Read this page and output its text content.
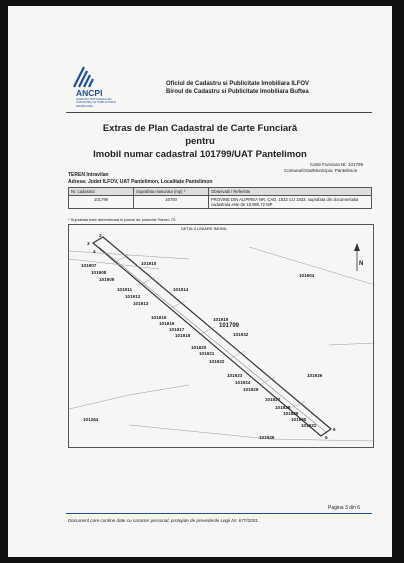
ANCPI
AGENTIA NATIONALA DE CADASTRU SI PUBLICITATE IMOBILIARA
Oficiul de Cadastru si Publicitate Imobiliara ILFOV
Biroul de Cadastru si Publicitate Imobiliara Buftea
Extras de Plan Cadastral de Carte Funciară
pentru
Imobil numar cadastral 101799/UAT Pantelimon
Carte Funciara Nr. 101799
Comuna/Oras/Municipiu: Pantelimon
TEREN Intravilan
Adresa: Judet ILFOV, UAT Pantelimon, Localitate Pantelimon
Nr. cadastral	Suprafata masurata (mp) *	Observatii / Referinte
101799	16700	PROVINE DIN ALIPIREA NR. CAD. 1832 CU 1833, suprafata din documentatia cadastrala este de 15.890,72 MP
* Suprafata este determinata in planul de proiectie Stereo 70.
DETALII LINIARE IMOBIL
N
2
3
4
5
6
101907
101908
101909
101910
101911
101912
101913
101914
101915
101916
101917
101918
101919
101799
101932
101920
101921
101922
101923
101924
101925
101926
101927
101928
101929
101930
101931
101904
101264
101949
Pagina 3 din 6
Document care contine date cu caracter personal, protejate de prevederile Legii Nr. 677/2001.
